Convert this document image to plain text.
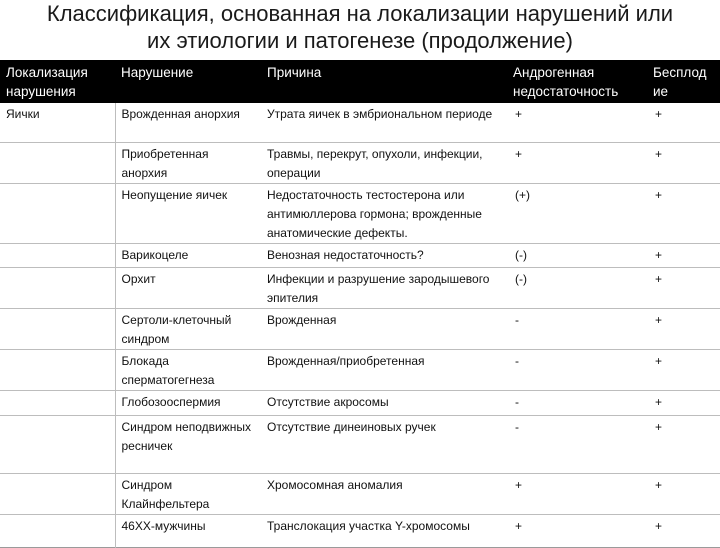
Классификация, основанная на локализации нарушений или
их этиологии и патогенезе (продолжение)
Локализация нарушения	Нарушение	Причина	Андрогенная недостаточность	Бесплод ие
Яички	Врожденная анорхия	Утрата яичек в эмбриональном периоде	+	+
	Приобретенная анорхия	Травмы, перекрут, опухоли, инфекции, операции	+	+
	Неопущение яичек	Недостаточность тестостерона или антимюллерова гормона; врожденные анатомические дефекты.	(+)	+
	Варикоцеле	Венозная недостаточность?	(-)	+
	Орхит	Инфекции и разрушение зародышевого эпителия	(-)	+
	Сертоли-клеточный синдром	Врожденная	-	+
	Блокада сперматогегнеза	Врожденная/приобретенная	-	+
	Глобозооспермия	Отсутствие акросомы	-	+
	Синдром неподвижных ресничек	Отсутствие динеиновых ручек	-	+
	Синдром Клайнфельтера	Хромосомная аномалия	+	+
	46XX-мужчины	Транслокация участка Y-хромосомы	+	+
